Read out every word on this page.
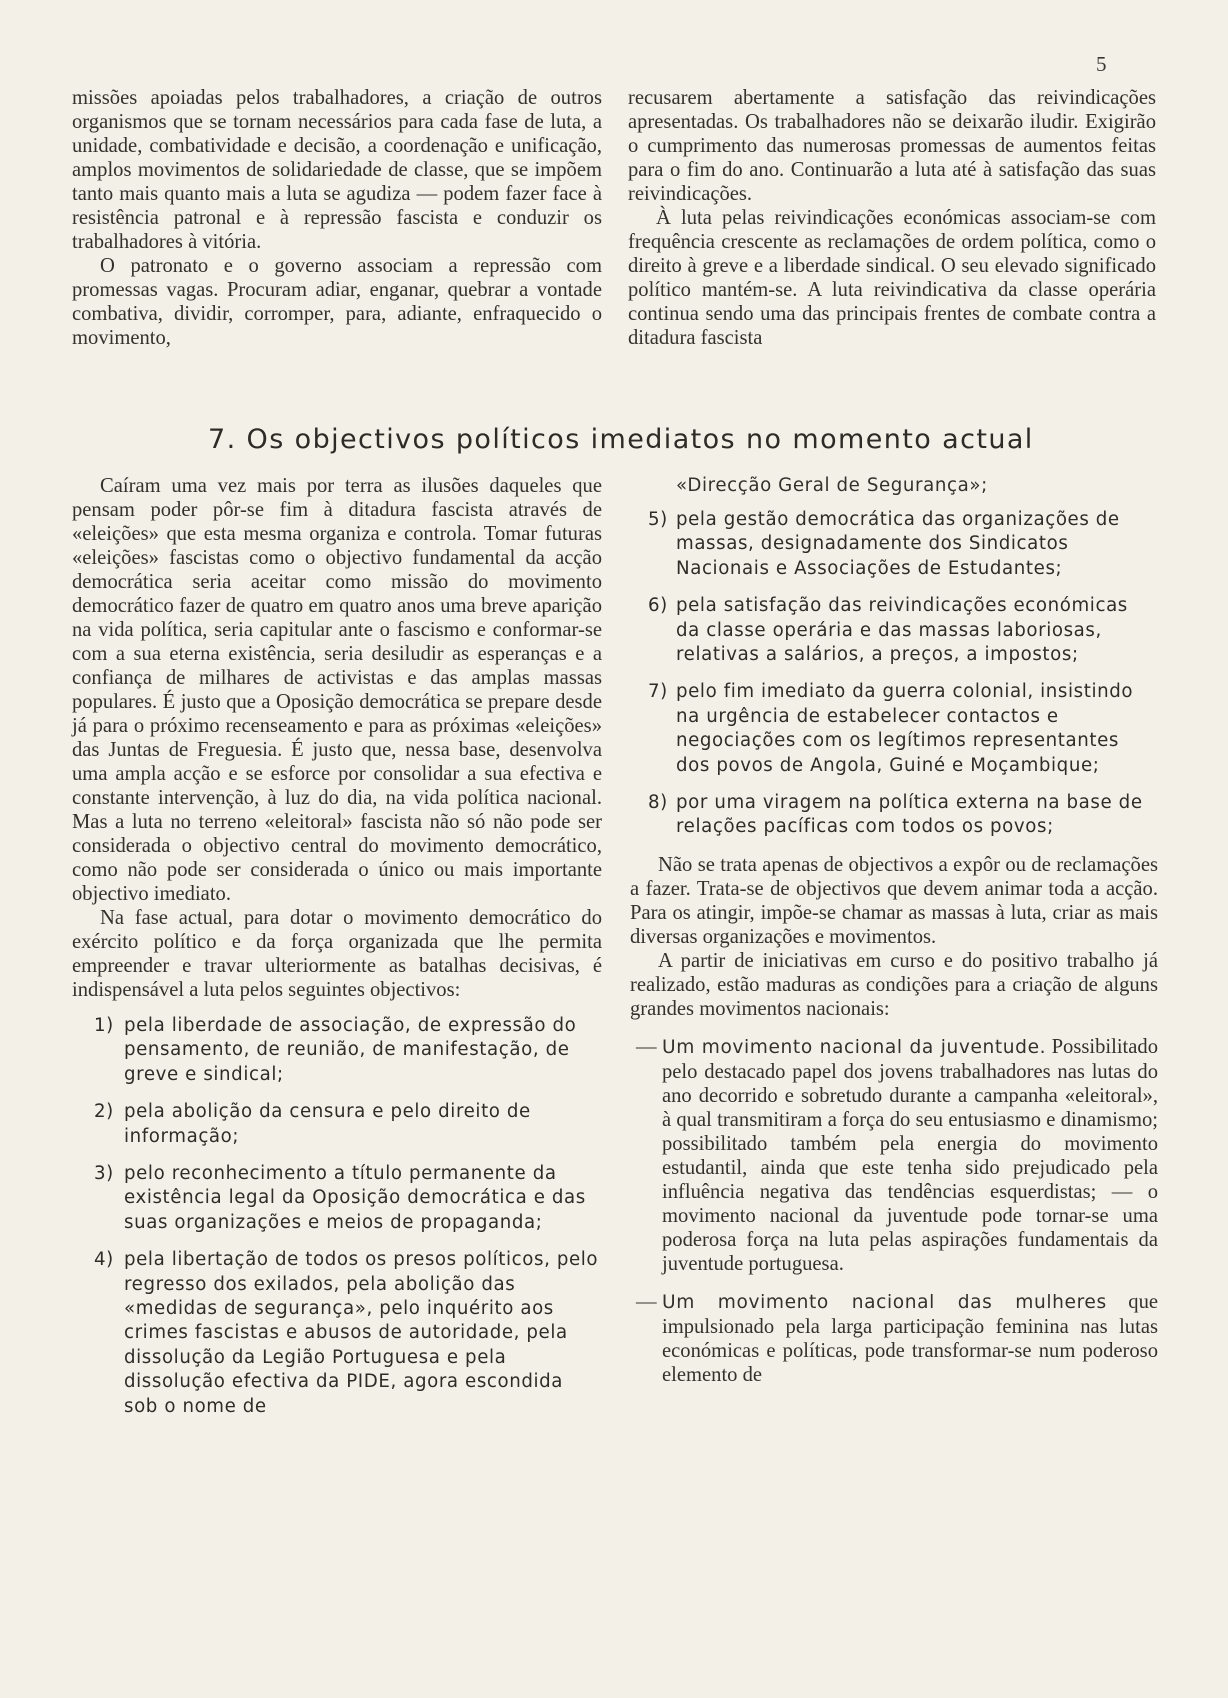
5

missões apoiadas pelos trabalhadores, a criação de outros organismos que se tornam necessários para cada fase de luta, a unidade, combatividade e decisão, a coordenação e unificação, amplos movimentos de solidariedade de classe, que se impõem tanto mais quanto mais a luta se agudiza — podem fazer face à resistência patronal e à repressão fascista e conduzir os trabalhadores à vitória.

O patronato e o governo associam a repressão com promessas vagas. Procuram adiar, enganar, quebrar a vontade combativa, dividir, corromper, para, adiante, enfraquecido o movimento,

recusarem abertamente a satisfação das reivindicações apresentadas. Os trabalhadores não se deixarão iludir. Exigirão o cumprimento das numerosas promessas de aumentos feitas para o fim do ano. Continuarão a luta até à satisfação das suas reivindicações.

À luta pelas reivindicações económicas associam-se com frequência crescente as reclamações de ordem política, como o direito à greve e a liberdade sindical. O seu elevado significado político mantém-se. A luta reivindicativa da classe operária continua sendo uma das principais frentes de combate contra a ditadura fascista

7. Os objectivos políticos imediatos no momento actual

Caíram uma vez mais por terra as ilusões daqueles que pensam poder pôr-se fim à ditadura fascista através de «eleições» que esta mesma organiza e controla. Tomar futuras «eleições» fascistas como o objectivo fundamental da acção democrática seria aceitar como missão do movimento democrático fazer de quatro em quatro anos uma breve aparição na vida política, seria capitular ante o fascismo e conformar-se com a sua eterna existência, seria desiludir as esperanças e a confiança de milhares de activistas e das amplas massas populares. É justo que a Oposição democrática se prepare desde já para o próximo recenseamento e para as próximas «eleições» das Juntas de Freguesia. É justo que, nessa base, desenvolva uma ampla acção e se esforce por consolidar a sua efectiva e constante intervenção, à luz do dia, na vida política nacional. Mas a luta no terreno «eleitoral» fascista não só não pode ser considerada o objectivo central do movimento democrático, como não pode ser considerada o único ou mais importante objectivo imediato.

Na fase actual, para dotar o movimento democrático do exército político e da força organizada que lhe permita empreender e travar ulteriormente as batalhas decisivas, é indispensável a luta pelos seguintes objectivos:

1) pela liberdade de associação, de expressão do pensamento, de reunião, de manifestação, de greve e sindical;
2) pela abolição da censura e pelo direito de informação;
3) pelo reconhecimento a título permanente da existência legal da Oposição democrática e das suas organizações e meios de propaganda;
4) pela libertação de todos os presos políticos, pelo regresso dos exilados, pela abolição das «medidas de segurança», pelo inquérito aos crimes fascistas e abusos de autoridade, pela dissolução da Legião Portuguesa e pela dissolução efectiva da PIDE, agora escondida sob o nome de
«Direcção Geral de Segurança»;
5) pela gestão democrática das organizações de massas, designadamente dos Sindicatos Nacionais e Associações de Estudantes;
6) pela satisfação das reivindicações económicas da classe operária e das massas laboriosas, relativas a salários, a preços, a impostos;
7) pelo fim imediato da guerra colonial, insistindo na urgência de estabelecer contactos e negociações com os legítimos representantes dos povos de Angola, Guiné e Moçambique;
8) por uma viragem na política externa na base de relações pacíficas com todos os povos;

Não se trata apenas de objectivos a expôr ou de reclamações a fazer. Trata-se de objectivos que devem animar toda a acção. Para os atingir, impõe-se chamar as massas à luta, criar as mais diversas organizações e movimentos.

A partir de iniciativas em curso e do positivo trabalho já realizado, estão maduras as condições para a criação de alguns grandes movimentos nacionais:

— Um movimento nacional da juventude. Possibilitado pelo destacado papel dos jovens trabalhadores nas lutas do ano decorrido e sobretudo durante a campanha «eleitoral», à qual transmitiram a força do seu entusiasmo e dinamismo; possibilitado também pela energia do movimento estudantil, ainda que este tenha sido prejudicado pela influência negativa das tendências esquerdistas; — o movimento nacional da juventude pode tornar-se uma poderosa força na luta pelas aspirações fundamentais da juventude portuguesa.
— Um movimento nacional das mulheres que impulsionado pela larga participação feminina nas lutas económicas e políticas, pode transformar-se num poderoso elemento de
